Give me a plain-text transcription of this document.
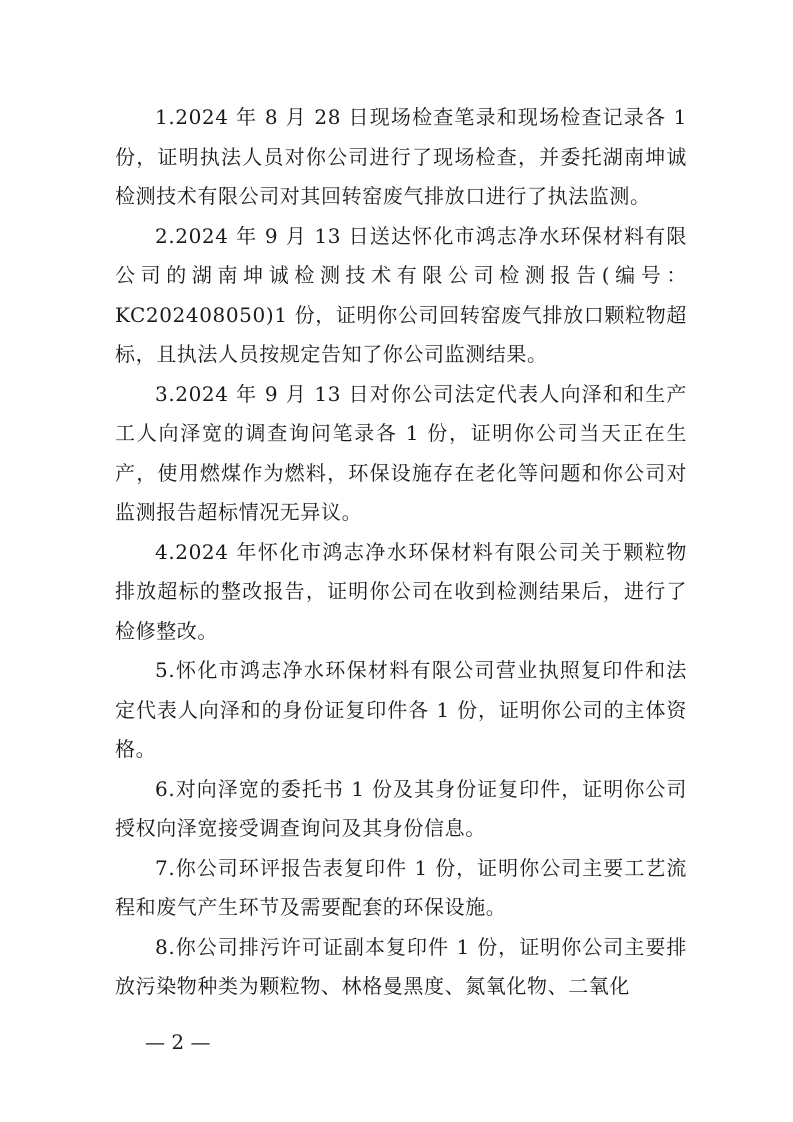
1.2024 年 8 月 28 日现场检查笔录和现场检查记录各 1 份，证明执法人员对你公司进行了现场检查，并委托湖南坤诚检测技术有限公司对其回转窑废气排放口进行了执法监测。

2.2024 年 9 月 13 日送达怀化市鸿志净水环保材料有限公司的湖南坤诚检测技术有限公司检测报告(编号：KC202408050)1 份，证明你公司回转窑废气排放口颗粒物超标，且执法人员按规定告知了你公司监测结果。

3.2024 年 9 月 13 日对你公司法定代表人向泽和和生产工人向泽宽的调查询问笔录各 1 份，证明你公司当天正在生产，使用燃煤作为燃料，环保设施存在老化等问题和你公司对监测报告超标情况无异议。

4.2024 年怀化市鸿志净水环保材料有限公司关于颗粒物排放超标的整改报告，证明你公司在收到检测结果后，进行了检修整改。

5.怀化市鸿志净水环保材料有限公司营业执照复印件和法定代表人向泽和的身份证复印件各 1 份，证明你公司的主体资格。

6.对向泽宽的委托书 1 份及其身份证复印件，证明你公司授权向泽宽接受调查询问及其身份信息。

7.你公司环评报告表复印件 1 份，证明你公司主要工艺流程和废气产生环节及需要配套的环保设施。

8.你公司排污许可证副本复印件 1 份，证明你公司主要排放污染物种类为颗粒物、林格曼黑度、氮氧化物、二氧化

— 2 —
